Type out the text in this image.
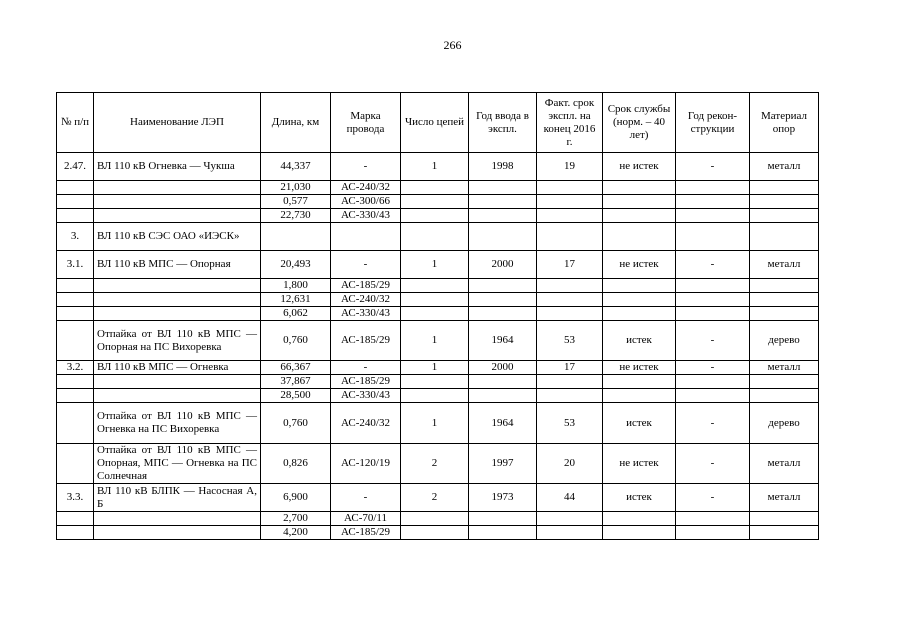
266
№ п/п	Наименование ЛЭП	Длина, км	Марка провода	Число цепей	Год ввода в экспл.	Факт. срок экспл. на конец 2016 г.	Срок службы (норм. – 40 лет)	Год рекон-струкции	Материал опор
2.47.	ВЛ 110 кВ Огневка — Чукша	44,337	-	1	1998	19	не истек	-	металл
		21,030	АС-240/32						
		0,577	АС-300/66						
		22,730	АС-330/43						
3.	ВЛ 110 кВ СЭС ОАО «ИЭСК»								
3.1.	ВЛ 110 кВ МПС — Опорная	20,493	-	1	2000	17	не истек	-	металл
		1,800	АС-185/29						
		12,631	АС-240/32						
		6,062	АС-330/43						
	Отпайка от ВЛ 110 кВ МПС — Опорная на ПС Вихоревка	0,760	АС-185/29	1	1964	53	истек	-	дерево
3.2.	ВЛ 110 кВ МПС — Огневка	66,367	-	1	2000	17	не истек	-	металл
		37,867	АС-185/29						
		28,500	АС-330/43						
	Отпайка от ВЛ 110 кВ МПС — Огневка на ПС Вихоревка	0,760	АС-240/32	1	1964	53	истек	-	дерево
	Отпайка от ВЛ 110 кВ МПС — Опорная, МПС — Огневка на ПС Солнечная	0,826	АС-120/19	2	1997	20	не истек	-	металл
3.3.	ВЛ 110 кВ БЛПК — Насосная А, Б	6,900	-	2	1973	44	истек	-	металл
		2,700	АС-70/11						
		4,200	АС-185/29						
